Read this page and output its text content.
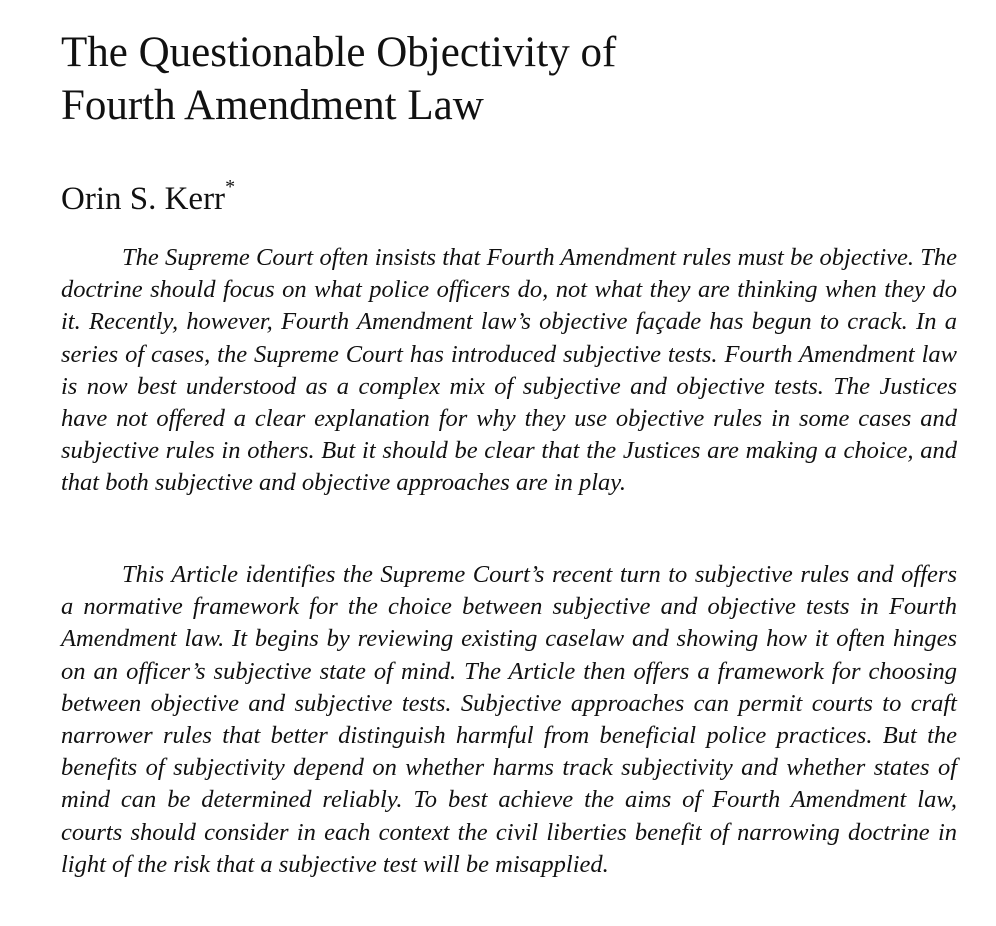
The Questionable Objectivity of
Fourth Amendment Law
Orin S. Kerr*

The Supreme Court often insists that Fourth Amendment rules must be objective. The doctrine should focus on what police officers do, not what they are thinking when they do it. Recently, however, Fourth Amendment law’s objective façade has begun to crack. In a series of cases, the Supreme Court has introduced subjective tests. Fourth Amendment law is now best understood as a complex mix of subjective and objective tests. The Justices have not offered a clear explanation for why they use objective rules in some cases and subjective rules in others. But it should be clear that the Justices are making a choice, and that both subjective and objective approaches are in play.

This Article identifies the Supreme Court’s recent turn to subjective rules and offers a normative framework for the choice between subjective and objective tests in Fourth Amendment law. It begins by reviewing existing caselaw and showing how it often hinges on an officer’s subjective state of mind. The Article then offers a framework for choosing between objective and subjective tests. Subjective approaches can permit courts to craft narrower rules that better distinguish harmful from beneficial police practices. But the benefits of subjectivity depend on whether harms track subjectivity and whether states of mind can be determined reliably. To best achieve the aims of Fourth Amendment law, courts should consider in each context the civil liberties benefit of narrowing doctrine in light of the risk that a subjective test will be misapplied.
